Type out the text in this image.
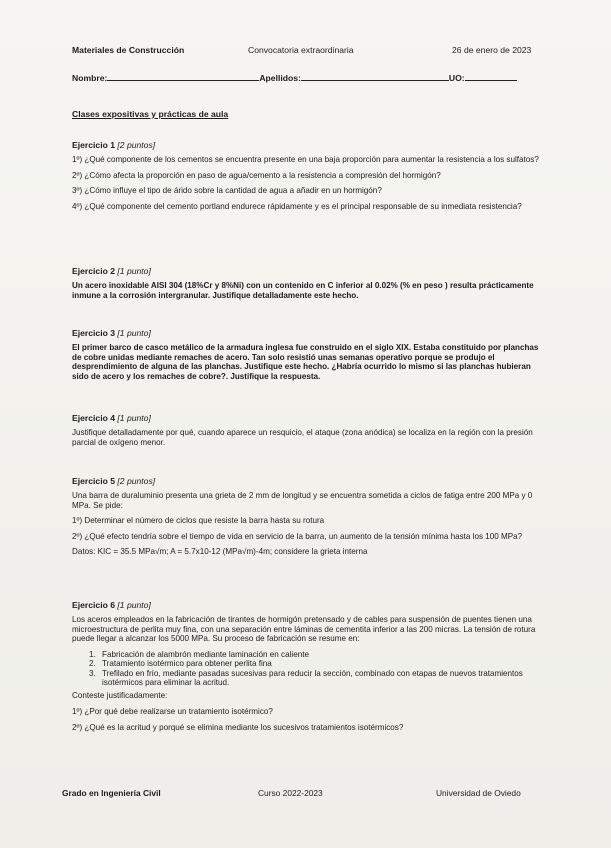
Materiales de Construcción	Convocatoria extraordinaria	26 de enero de 2023
Nombre:	Apellidos:	UO:
Clases expositivas y prácticas de aula
Ejercicio 1 [2 puntos]
1º) ¿Qué componente de los cementos se encuentra presente en una baja proporción para aumentar la resistencia a los sulfatos?
2º) ¿Cómo afecta la proporción en paso de agua/cemento a la resistencia a compresión del hormigón?
3º) ¿Cómo influye el tipo de árido sobre la cantidad de agua a añadir en un hormigón?
4º) ¿Qué componente del cemento portland endurece rápidamente y es el principal responsable de su inmediata resistencia?
Ejercicio 2 [1 punto]
Un acero inoxidable AISI 304 (18%Cr y 8%Ni) con un contenido en C inferior al 0.02% (% en peso ) resulta prácticamente inmune a la corrosión intergranular. Justifique detalladamente este hecho.
Ejercicio 3 [1 punto]
El primer barco de casco metálico de la armadura inglesa fue construido en el siglo XIX. Estaba constituido por planchas de cobre unidas mediante remaches de acero. Tan solo resistió unas semanas operativo porque se produjo el desprendimiento de alguna de las planchas. Justifique este hecho. ¿Habría ocurrido lo mismo si las planchas hubieran sido de acero y los remaches de cobre?. Justifique la respuesta.
Ejercicio 4 [1 punto]
Justifique detalladamente por qué, cuando aparece un resquicio, el ataque (zona anódica) se localiza en la región con la presión parcial de oxígeno menor.
Ejercicio 5 [2 puntos]
Una barra de duraluminio presenta una grieta de 2 mm de longitud y se encuentra sometida a ciclos de fatiga entre 200 MPa y 0 MPa. Se pide:
1º) Determinar el número de ciclos que resiste la barra hasta su rotura
2º) ¿Qué efecto tendría sobre el tiempo de vida en servicio de la barra, un aumento de la tensión mínima hasta los 100 MPa?
Datos: KIC = 35.5 MPa√m; A = 5.7x10-12 (MPa√m)-4m; considere la grieta interna
Ejercicio 6 [1 punto]
Los aceros empleados en la fabricación de tirantes de hormigón pretensado y de cables para suspensión de puentes tienen una microestructura de perlita muy fina, con una separación entre láminas de cementita inferior a las 200 micras. La tensión de rotura puede llegar a alcanzar los 5000 MPa. Su proceso de fabricación se resume en:
1. Fabricación de alambrón mediante laminación en caliente
2. Tratamiento isotérmico para obtener perlita fina
3. Trefilado en frío, mediante pasadas sucesivas para reducir la sección, combinado con etapas de nuevos tratamientos isotérmicos para eliminar la acritud.
Conteste justificadamente:
1º) ¿Por qué debe realizarse un tratamiento isotérmico?
2º) ¿Qué es la acritud y porqué se elimina mediante los sucesivos tratamientos isotérmicos?
Grado en Ingeniería Civil	Curso 2022-2023	Universidad de Oviedo
